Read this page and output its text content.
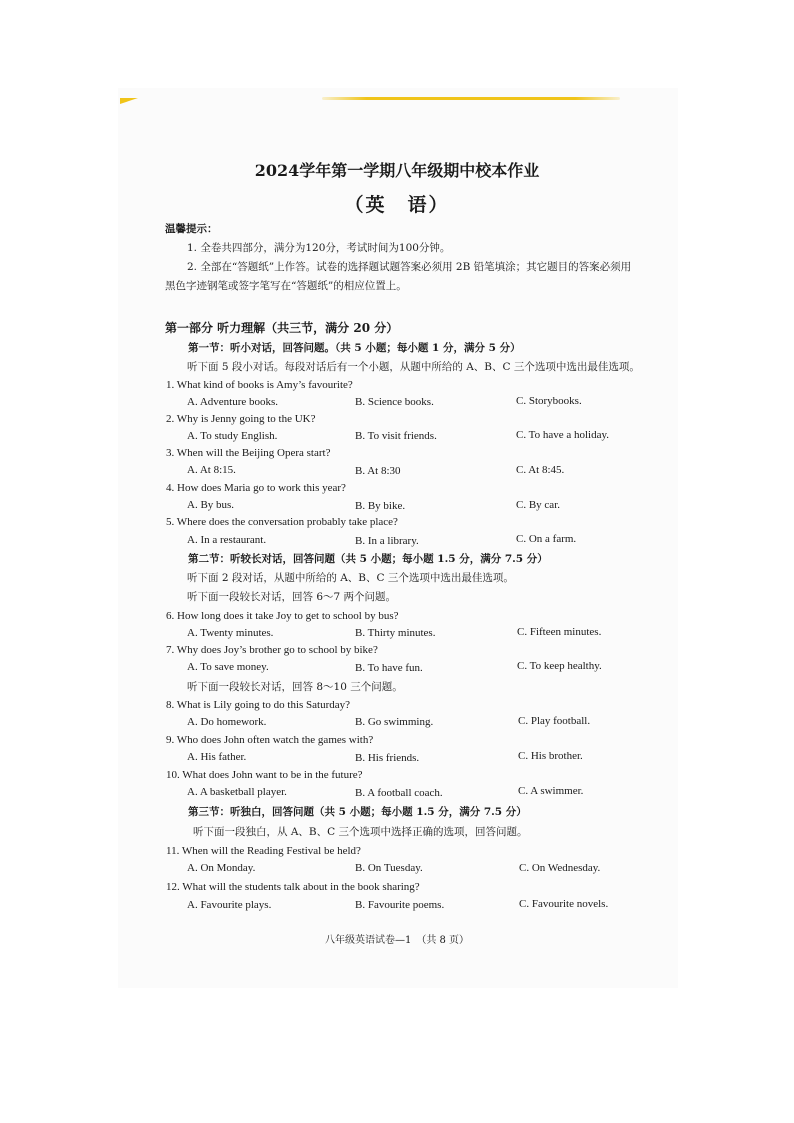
2024学年第一学期八年级期中校本作业
（英　语）
温馨提示：
1. 全卷共四部分，满分为120分，考试时间为100分钟。
2. 全部在“答题纸”上作答。试卷的选择题试题答案必须用 2B 铅笔填涂；其它题目的答案必须用
黑色字迹钢笔或签字笔写在“答题纸”的相应位置上。
第一部分 听力理解（共三节，满分 20 分）
第一节：听小对话，回答问题。（共 5 小题；每小题 1 分，满分 5 分）
听下面 5 段小对话。每段对话后有一个小题，从题中所给的 A、B、C 三个选项中选出最佳选项。
1. What kind of books is Amy’s favourite?
A. Adventure books.	B. Science books.	C. Storybooks.
2. Why is Jenny going to the UK?
A. To study English.	B. To visit friends.	C. To have a holiday.
3. When will the Beijing Opera start?
A. At 8:15.	B. At 8:30	C. At 8:45.
4. How does Maria go to work this year?
A. By bus.	B. By bike.	C. By car.
5. Where does the conversation probably take place?
A. In a restaurant.	B. In a library.	C. On a farm.
第二节：听较长对话，回答问题（共 5 小题；每小题 1.5 分，满分 7.5 分）
听下面 2 段对话，从题中所给的 A、B、C 三个选项中选出最佳选项。
听下面一段较长对话，回答 6～7 两个问题。
6. How long does it take Joy to get to school by bus?
A. Twenty minutes.	B. Thirty minutes.	C. Fifteen minutes.
7. Why does Joy’s brother go to school by bike?
A. To save money.	B. To have fun.	C. To keep healthy.
听下面一段较长对话，回答 8～10 三个问题。
8. What is Lily going to do this Saturday?
A. Do homework.	B. Go swimming.	C. Play football.
9. Who does John often watch the games with?
A. His father.	B. His friends.	C. His brother.
10. What does John want to be in the future?
A. A basketball player.	B. A football coach.	C. A swimmer.
第三节：听独白，回答问题（共 5 小题；每小题 1.5 分，满分 7.5 分）
听下面一段独白，从 A、B、C 三个选项中选择正确的选项，回答问题。
11. When will the Reading Festival be held?
A. On Monday.	B. On Tuesday.	C. On Wednesday.
12. What will the students talk about in the book sharing?
A. Favourite plays.	B. Favourite poems.	C. Favourite novels.
八年级英语试卷—1　（共 8 页）
